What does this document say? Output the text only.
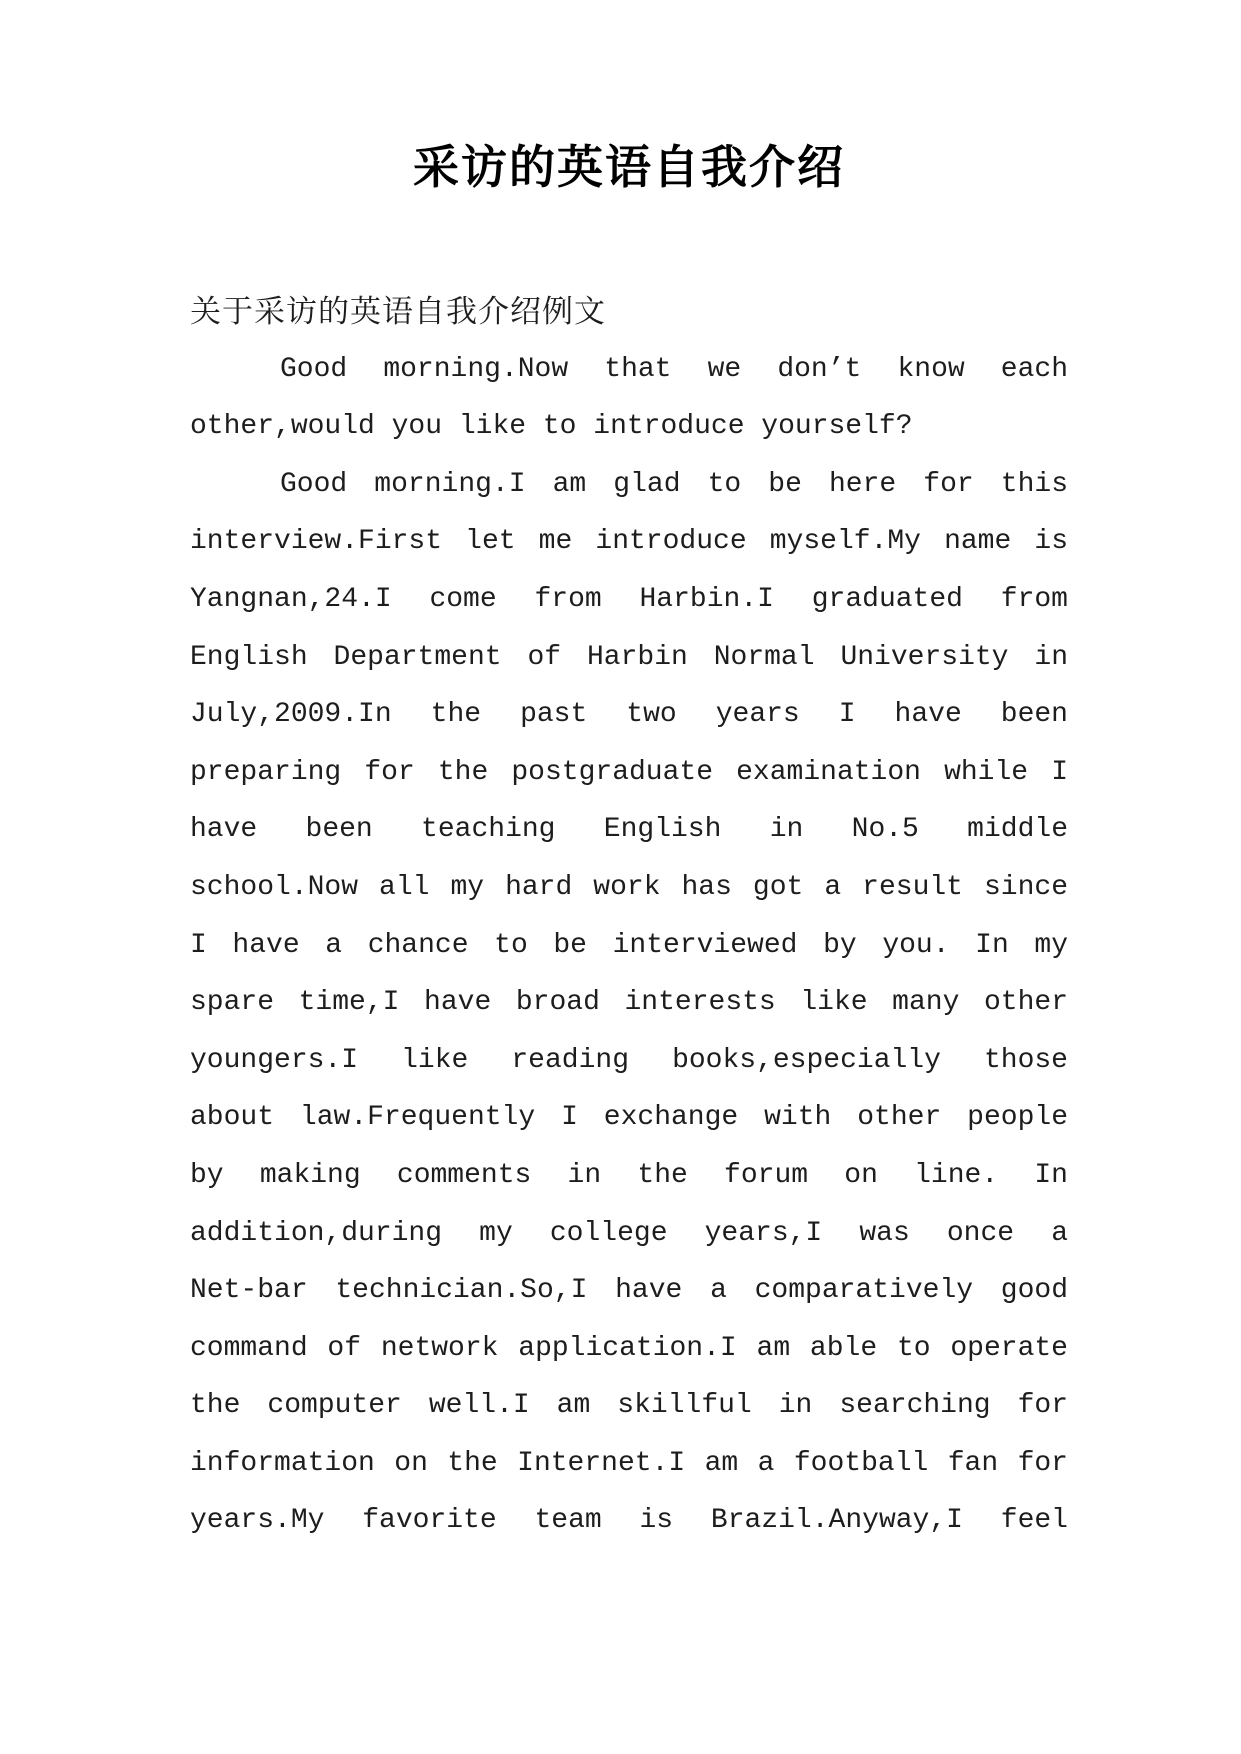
采访的英语自我介绍
关于采访的英语自我介绍例文
Good morning.Now that we don’t know each
other,would you like to introduce yourself?
Good morning.I am glad to be here for this
interview.First let me introduce myself.My name is
Yangnan,24.I come from Harbin.I graduated from
English Department of Harbin Normal University in
July,2009.In the past two years I have been
preparing for the postgraduate examination while I
have been teaching English in No.5 middle
school.Now all my hard work has got a result since
I have a chance to be interviewed by you. In my
spare time,I have broad interests like many other
youngers.I like reading books,especially those
about law.Frequently I exchange with other people
by making comments in the forum on line. In
addition,during my college years,I was once a
Net-bar technician.So,I have a comparatively good
command of network application.I am able to operate
the computer well.I am skillful in searching for
information on the Internet.I am a football fan for
years.My favorite team is Brazil.Anyway,I feel
